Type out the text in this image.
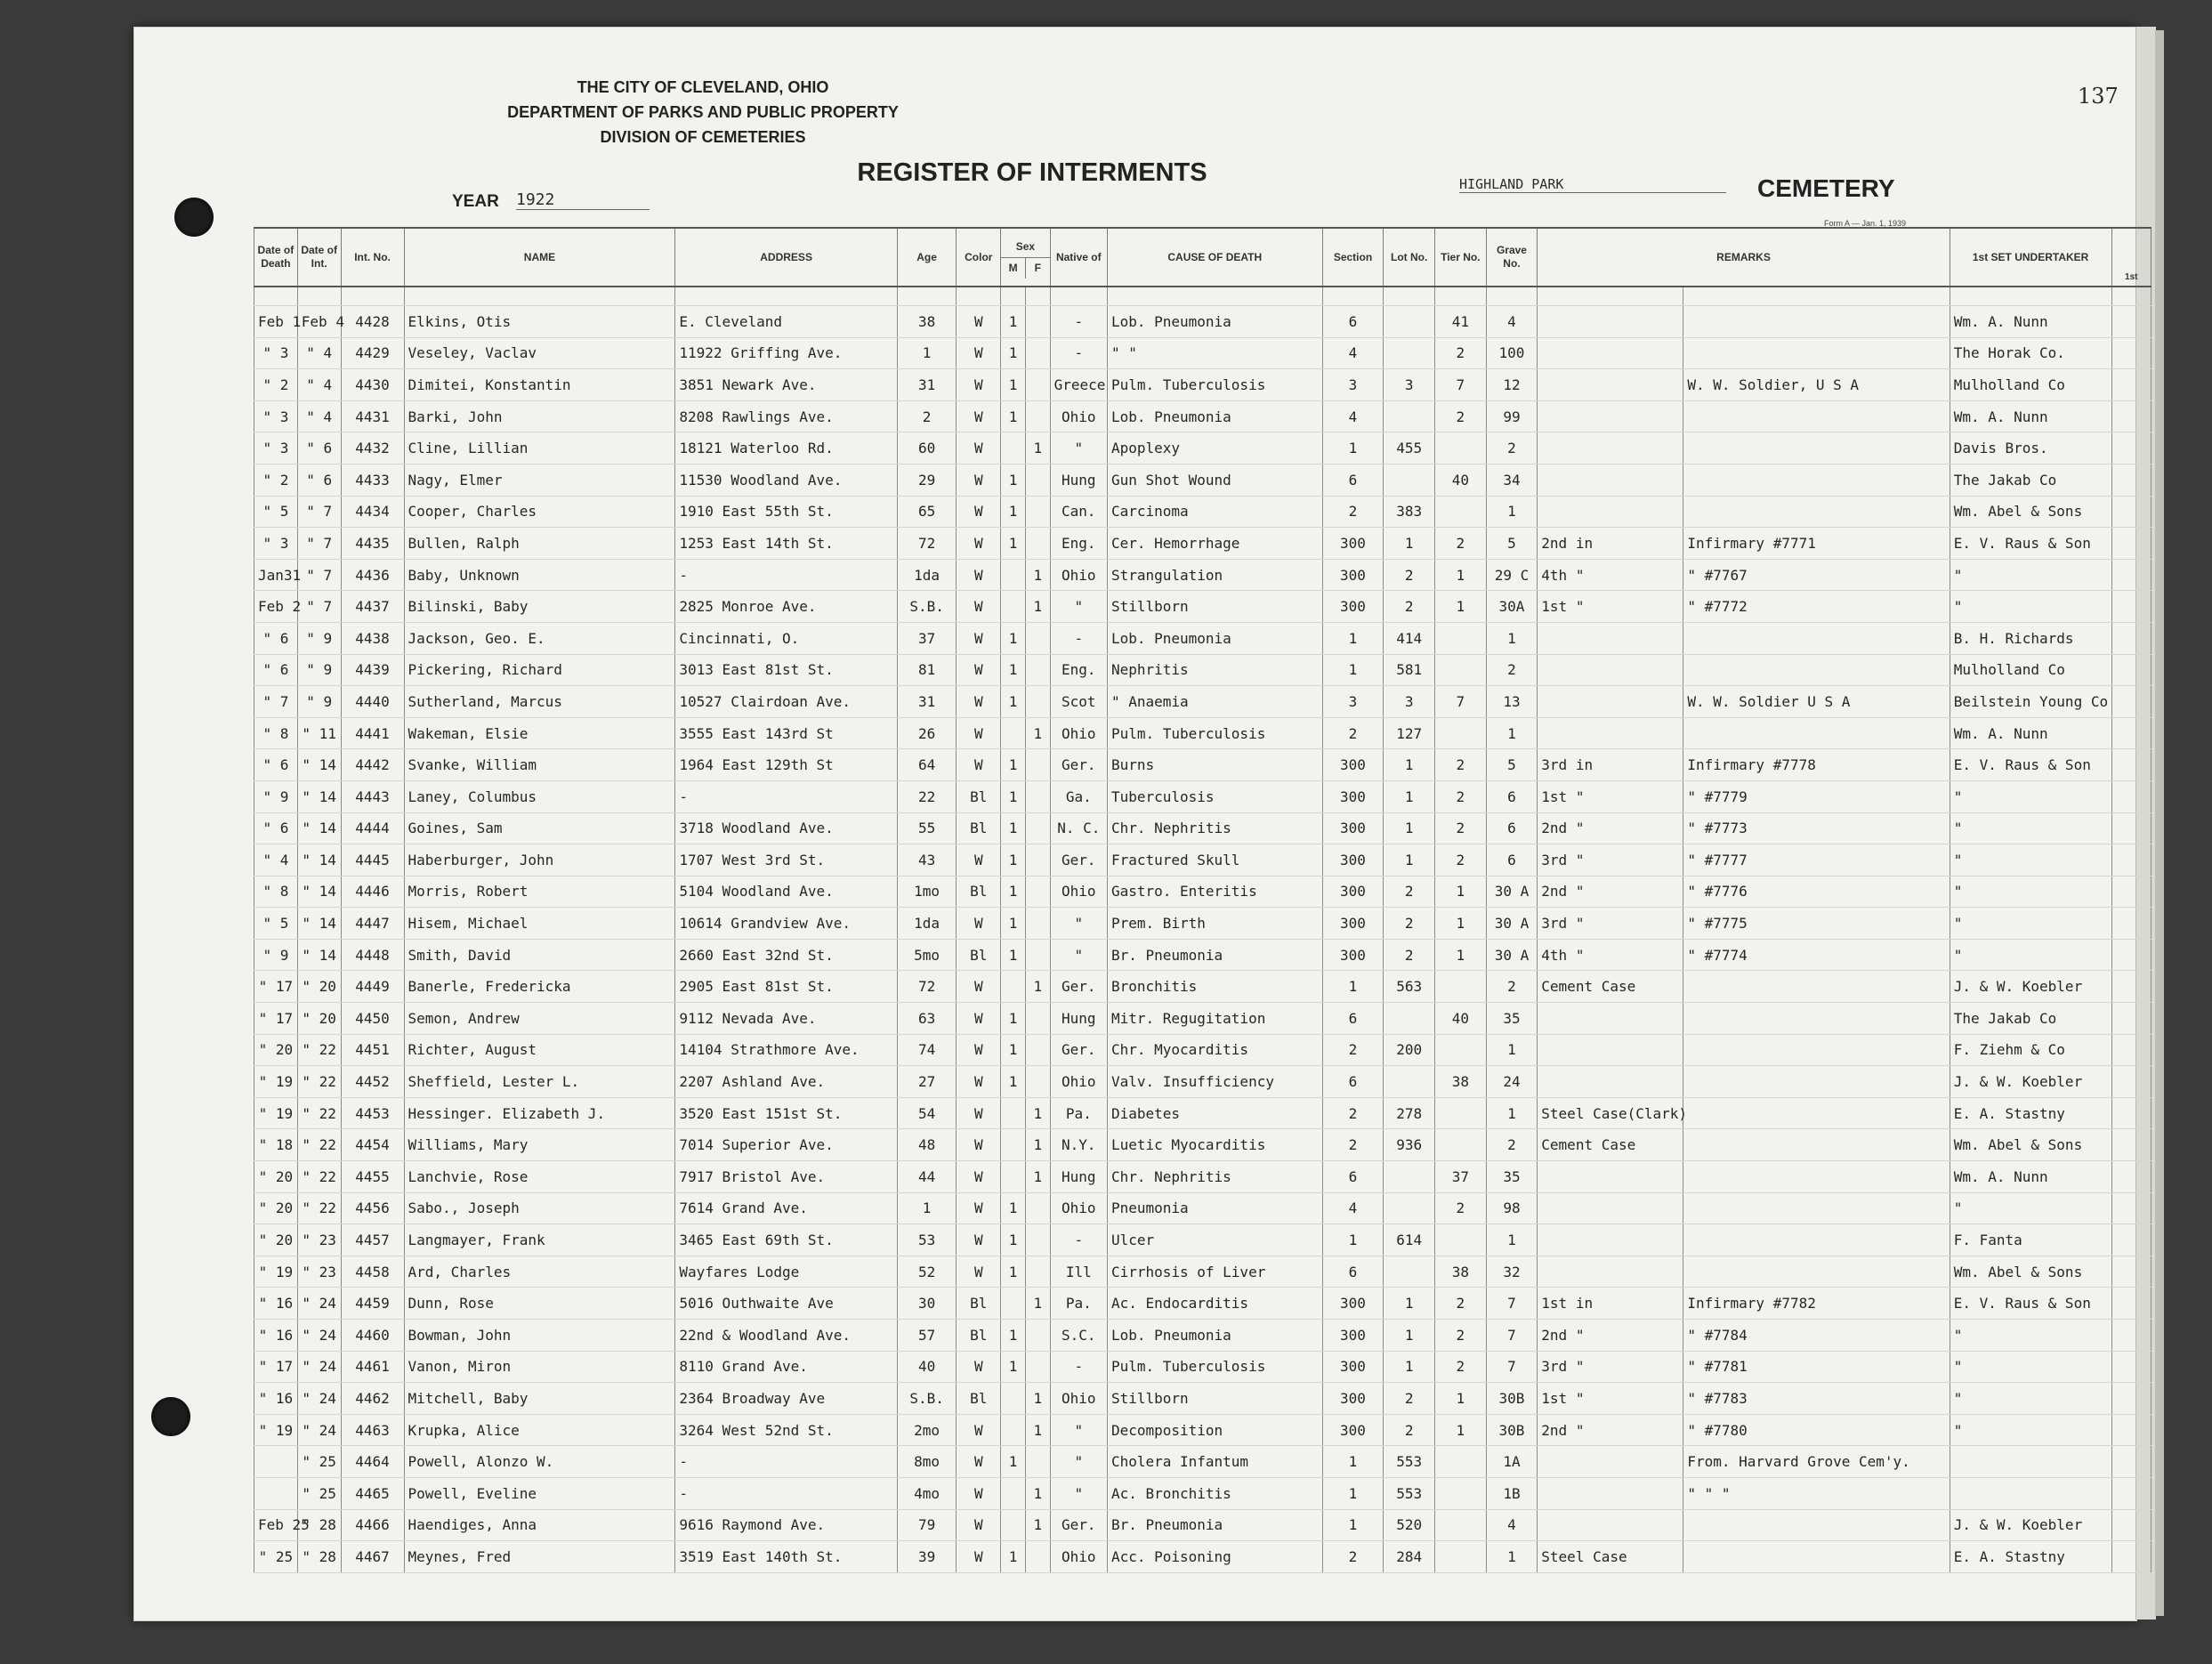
THE CITY OF CLEVELAND, OHIO
DEPARTMENT OF PARKS AND PUBLIC PROPERTY
DIVISION OF CEMETERIES
REGISTER OF INTERMENTS
YEAR 1922
HIGHLAND PARK	CEMETERY
137
Form A — Jan. 1, 1939
Date of Death	Date of Int.	Int. No.	NAME	ADDRESS	Age	Color	Sex
M F		Native of	CAUSE OF DEATH	Section	Lot No.	Tier No.	Grave No.	REMARKS		1st SET UNDERTAKER	1st

Feb 1	Feb 4	4428	Elkins, Otis	E. Cleveland	38	W	1		-	Lob. Pneumonia	6		41	4			Wm. A. Nunn	
" 3	" 4	4429	Veseley, Vaclav	11922 Griffing Ave.	1	W	1		-	" "	4		2	100			The Horak Co.	
" 2	" 4	4430	Dimitei, Konstantin	3851 Newark Ave.	31	W	1		Greece	Pulm. Tuberculosis	3	3	7	12		W. W. Soldier, U S A	Mulholland Co	
" 3	" 4	4431	Barki, John	8208 Rawlings Ave.	2	W	1		Ohio	Lob. Pneumonia	4		2	99			Wm. A. Nunn	
" 3	" 6	4432	Cline, Lillian	18121 Waterloo Rd.	60	W		1	"	Apoplexy	1	455		2			Davis Bros.	
" 2	" 6	4433	Nagy, Elmer	11530 Woodland Ave.	29	W	1		Hung	Gun Shot Wound	6		40	34			The Jakab Co	
" 5	" 7	4434	Cooper, Charles	1910 East 55th St.	65	W	1		Can.	Carcinoma	2	383		1			Wm. Abel & Sons	
" 3	" 7	4435	Bullen, Ralph	1253 East 14th St.	72	W	1		Eng.	Cer. Hemorrhage	300	1	2	5	2nd in	Infirmary #7771	E. V. Raus & Son	
Jan31	" 7	4436	Baby, Unknown	-	1da	W		1	Ohio	Strangulation	300	2	1	29 C	4th "	" #7767	"	
Feb 2	" 7	4437	Bilinski, Baby	2825 Monroe Ave.	S.B.	W		1	"	Stillborn	300	2	1	30A	1st "	" #7772	"	
" 6	" 9	4438	Jackson, Geo. E.	Cincinnati, O.	37	W	1		-	Lob. Pneumonia	1	414		1			B. H. Richards	
" 6	" 9	4439	Pickering, Richard	3013 East 81st St.	81	W	1		Eng.	Nephritis	1	581		2			Mulholland Co	
" 7	" 9	4440	Sutherland, Marcus	10527 Clairdoan Ave.	31	W	1		Scot	" Anaemia	3	3	7	13		W. W. Soldier U S A	Beilstein Young Co	
" 8	" 11	4441	Wakeman, Elsie	3555 East 143rd St	26	W		1	Ohio	Pulm. Tuberculosis	2	127		1			Wm. A. Nunn	
" 6	" 14	4442	Svanke, William	1964 East 129th St	64	W	1		Ger.	Burns	300	1	2	5	3rd in	Infirmary #7778	E. V. Raus & Son	
" 9	" 14	4443	Laney, Columbus	-	22	Bl	1		Ga.	Tuberculosis	300	1	2	6	1st "	" #7779	"	
" 6	" 14	4444	Goines, Sam	3718 Woodland Ave.	55	Bl	1		N. C.	Chr. Nephritis	300	1	2	6	2nd "	" #7773	"	
" 4	" 14	4445	Haberburger, John	1707 West 3rd St.	43	W	1		Ger.	Fractured Skull	300	1	2	6	3rd "	" #7777	"	
" 8	" 14	4446	Morris, Robert	5104 Woodland Ave.	1mo	Bl	1		Ohio	Gastro. Enteritis	300	2	1	30 A	2nd "	" #7776	"	
" 5	" 14	4447	Hisem, Michael	10614 Grandview Ave.	1da	W	1		"	Prem. Birth	300	2	1	30 A	3rd "	" #7775	"	
" 9	" 14	4448	Smith, David	2660 East 32nd St.	5mo	Bl	1		"	Br. Pneumonia	300	2	1	30 A	4th "	" #7774	"	
" 17	" 20	4449	Banerle, Fredericka	2905 East 81st St.	72	W		1	Ger.	Bronchitis	1	563		2	Cement Case		J. & W. Koebler	
" 17	" 20	4450	Semon, Andrew	9112 Nevada Ave.	63	W	1		Hung	Mitr. Regugitation	6		40	35			The Jakab Co	
" 20	" 22	4451	Richter, August	14104 Strathmore Ave.	74	W	1		Ger.	Chr. Myocarditis	2	200		1			F. Ziehm & Co	
" 19	" 22	4452	Sheffield, Lester L.	2207 Ashland Ave.	27	W	1		Ohio	Valv. Insufficiency	6		38	24			J. & W. Koebler	
" 19	" 22	4453	Hessinger. Elizabeth J.	3520 East 151st St.	54	W		1	Pa.	Diabetes	2	278		1	Steel Case(Clark)		E. A. Stastny	
" 18	" 22	4454	Williams, Mary	7014 Superior Ave.	48	W		1	N.Y.	Luetic Myocarditis	2	936		2	Cement Case		Wm. Abel & Sons	
" 20	" 22	4455	Lanchvie, Rose	7917 Bristol Ave.	44	W		1	Hung	Chr. Nephritis	6		37	35			Wm. A. Nunn	
" 20	" 22	4456	Sabo., Joseph	7614 Grand Ave.	1	W	1		Ohio	Pneumonia	4		2	98			"	
" 20	" 23	4457	Langmayer, Frank	3465 East 69th St.	53	W	1		-	Ulcer	1	614		1			F. Fanta	
" 19	" 23	4458	Ard, Charles	Wayfares Lodge	52	W	1		Ill	Cirrhosis of Liver	6		38	32			Wm. Abel & Sons	
" 16	" 24	4459	Dunn, Rose	5016 Outhwaite Ave	30	Bl		1	Pa.	Ac. Endocarditis	300	1	2	7	1st in	Infirmary #7782	E. V. Raus & Son	
" 16	" 24	4460	Bowman, John	22nd & Woodland Ave.	57	Bl	1		S.C.	Lob. Pneumonia	300	1	2	7	2nd "	" #7784	"	
" 17	" 24	4461	Vanon, Miron	8110 Grand Ave.	40	W	1		-	Pulm. Tuberculosis	300	1	2	7	3rd "	" #7781	"	
" 16	" 24	4462	Mitchell, Baby	2364 Broadway Ave	S.B.	Bl		1	Ohio	Stillborn	300	2	1	30B	1st "	" #7783	"	
" 19	" 24	4463	Krupka, Alice	3264 West 52nd St.	2mo	W		1	"	Decomposition	300	2	1	30B	2nd "	" #7780	"	
	" 25	4464	Powell, Alonzo W.	-	8mo	W	1		"	Cholera Infantum	1	553		1A		From. Harvard Grove Cem'y.		
	" 25	4465	Powell, Eveline	-	4mo	W		1	"	Ac. Bronchitis	1	553		1B		" " "		
Feb 25	" 28	4466	Haendiges, Anna	9616 Raymond Ave.	79	W		1	Ger.	Br. Pneumonia	1	520		4			J. & W. Koebler	
" 25	" 28	4467	Meynes, Fred	3519 East 140th St.	39	W	1		Ohio	Acc. Poisoning	2	284		1	Steel Case		E. A. Stastny	
